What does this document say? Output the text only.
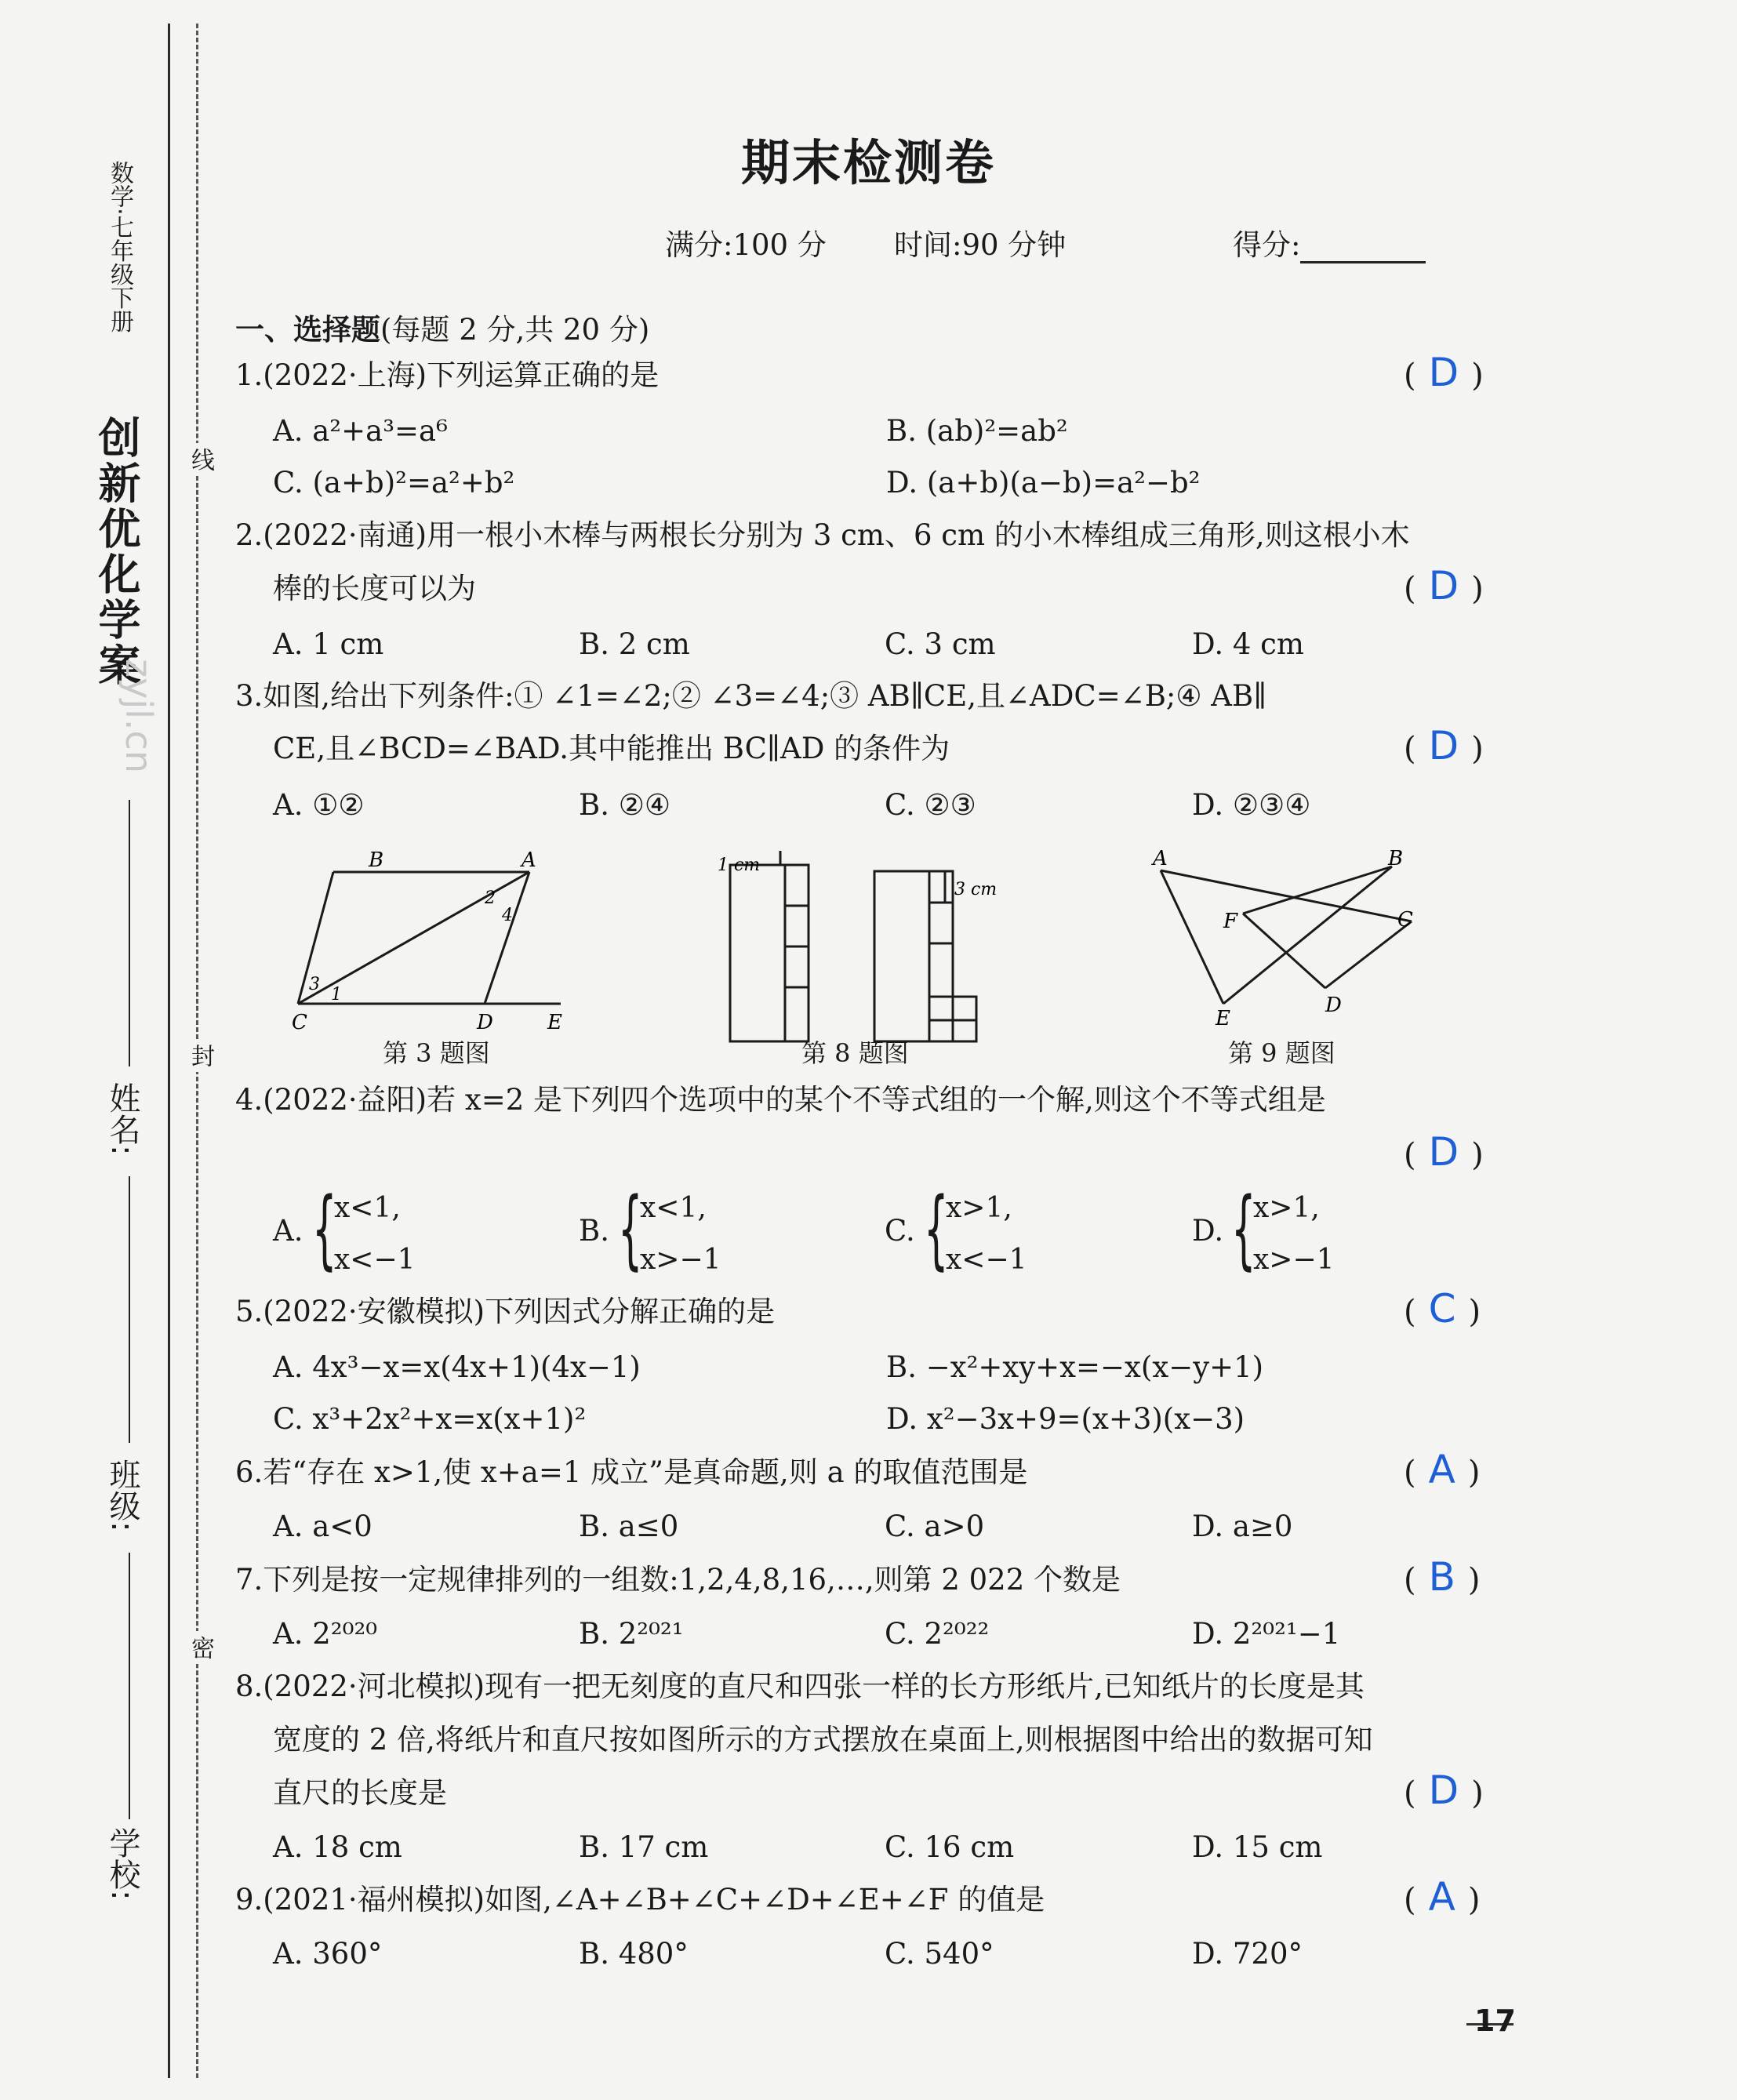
数学·七年级下册
创新优化学案
zyjl.cn
姓名:
班级:
学校:
线
封
密
期末检测卷
满分:100 分 时间:90 分钟	得分:
一、选择题(每题 2 分,共 20 分)
1.(2022·上海)下列运算正确的是	( D )
A. a²+a³=a⁶	B. (ab)²=ab²
C. (a+b)²=a²+b²	D. (a+b)(a−b)=a²−b²
2.(2022·南通)用一根小木棒与两根长分别为 3 cm、6 cm 的小木棒组成三角形,则这根小木
棒的长度可以为	( D )
A. 1 cm	B. 2 cm	C. 3 cm	D. 4 cm
3.如图,给出下列条件:① ∠1=∠2;② ∠3=∠4;③ AB∥CE,且∠ADC=∠B;④ AB∥
CE,且∠BCD=∠BAD.其中能推出 BC∥AD 的条件为	( D )
A. ①②	B. ②④	C. ②③	D. ②③④
B	A
C	D	E
1
2
3
4
第 3 题图
1 cm
3 cm
第 8 题图
A	B
C
D
E
F
第 9 题图
4.(2022·益阳)若 x=2 是下列四个选项中的某个不等式组的一个解,则这个不等式组是
( D )
A. {
x<1,
x<−1
B. {
x<1,
x>−1
C. {
x>1,
x<−1
D. {
x>1,
x>−1
5.(2022·安徽模拟)下列因式分解正确的是	( C )
A. 4x³−x=x(4x+1)(4x−1)	B. −x²+xy+x=−x(x−y+1)
C. x³+2x²+x=x(x+1)²	D. x²−3x+9=(x+3)(x−3)
6.若“存在 x>1,使 x+a=1 成立”是真命题,则 a 的取值范围是	( A )
A. a<0	B. a≤0	C. a>0	D. a≥0
7.下列是按一定规律排列的一组数:1,2,4,8,16,…,则第 2 022 个数是	( B )
A. 2²⁰²⁰	B. 2²⁰²¹	C. 2²⁰²²	D. 2²⁰²¹−1
8.(2022·河北模拟)现有一把无刻度的直尺和四张一样的长方形纸片,已知纸片的长度是其
宽度的 2 倍,将纸片和直尺按如图所示的方式摆放在桌面上,则根据图中给出的数据可知
直尺的长度是	( D )
A. 18 cm	B. 17 cm	C. 16 cm	D. 15 cm
9.(2021·福州模拟)如图,∠A+∠B+∠C+∠D+∠E+∠F 的值是	( A )
A. 360°	B. 480°	C. 540°	D. 720°
17
